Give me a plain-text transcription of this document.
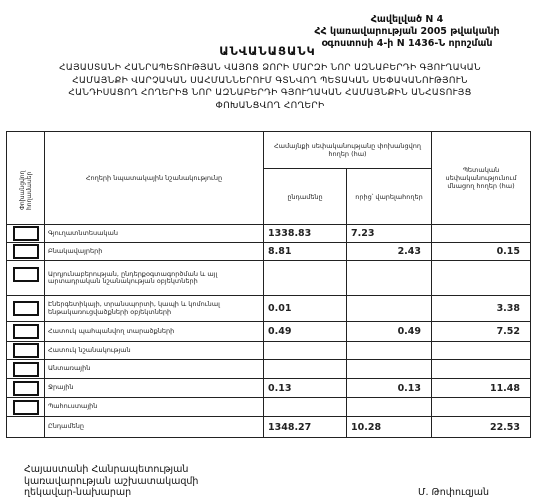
Հավելված N 4
ՀՀ կառավարության 2005 թվականի
օգոստոսի 4-ի N 1436-Ն որոշման
ԱՆՎԱՆԱՑԱՆԿ
ՀԱՅԱՍՏԱՆԻ ՀԱՆՐԱՊԵՏՈՒԹՅԱՆ ՎԱՅՈՑ ՁՈՐԻ ՄԱՐԶԻ ՆՈՐ ԱԶՆԱԲԵՐԴԻ ԳՅՈՒՂԱԿԱՆ
ՀԱՄԱՅՆՔԻ ՎԱՐՉԱԿԱՆ ՍԱՀՄԱՆՆԵՐՈՒՄ ԳՏՆՎՈՂ ՊԵՏԱԿԱՆ ՍԵՓԱԿԱՆՈՒԹՅՈՒՆ
ՀԱՆԴԻՍԱՑՈՂ ՀՈՂԵՐԻՑ ՆՈՐ ԱԶՆԱԲԵՐԴԻ ԳՅՈՒՂԱԿԱՆ ՀԱՄԱՅՆՔԻՆ ԱՆՀԱՏՈՒՅՑ
ՓՈԽԱՆՑՎՈՂ ՀՈՂԵՐԻ
Փոխանցվող հողամասեր	Հողերի նպատակային նշանակությունը	Համայնքի սեփականությանը փոխանցվող հողեր (հա)		Պետական սեփականությունում մնացող հողեր (հա)
		ընդամենը	որից՝ վարելահողեր	
	Գյուղատնտեսական	1338.83	7.23	
	Բնակավայրերի	8.81	2.43	0.15
	Արդյունաբերության, ընդերքօգտագործման և այլ արտադրական նշանակության օբյեկտների			
	Էներգետիկայի, տրանսպորտի, կապի և կոմունալ ենթակառուցվածքների օբյեկտների	0.01		3.38
	Հատուկ պահպանվող տարածքների	0.49	0.49	7.52
	Հատուկ նշանակության			
	Անտառային			
	Ջրային	0.13	0.13	11.48
	Պահուստային			
	Ընդամենը	1348.27	10.28	22.53
Հայաստանի Հանրապետության
կառավարության աշխատակազմի
ղեկավար-նախարար	Մ. Թոփուզյան
